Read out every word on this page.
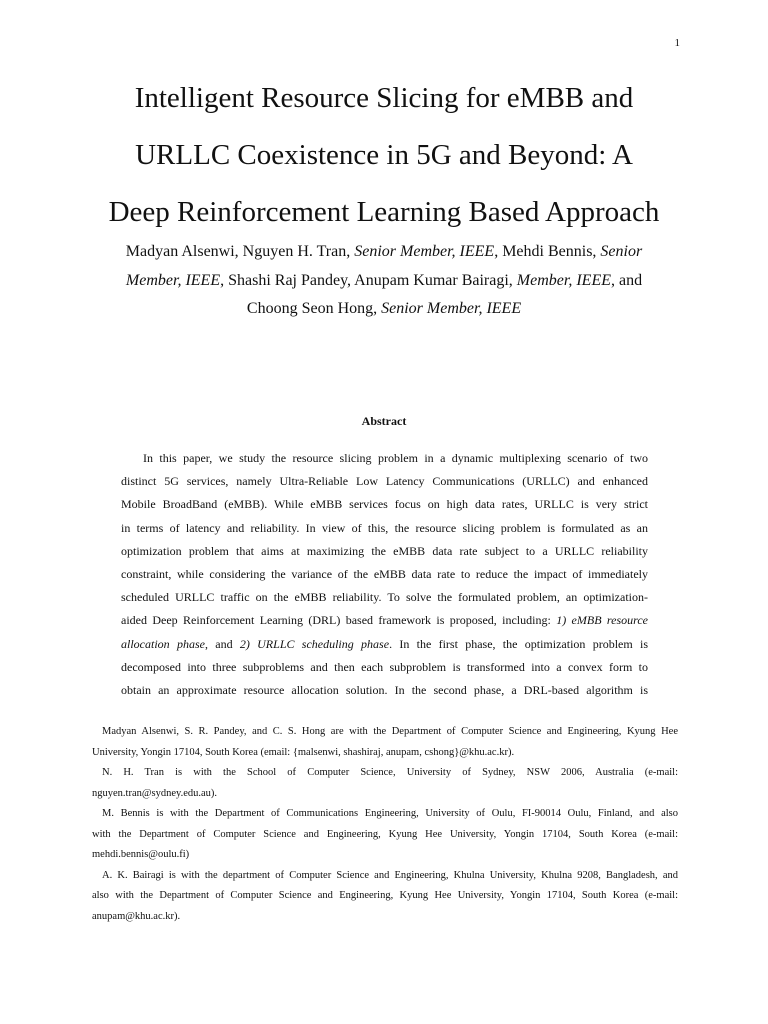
1
Intelligent Resource Slicing for eMBB and
URLLC Coexistence in 5G and Beyond: A
Deep Reinforcement Learning Based Approach

Madyan Alsenwi, Nguyen H. Tran, Senior Member, IEEE, Mehdi Bennis, Senior
Member, IEEE, Shashi Raj Pandey, Anupam Kumar Bairagi, Member, IEEE, and
Choong Seon Hong, Senior Member, IEEE

Abstract

In this paper, we study the resource slicing problem in a dynamic multiplexing scenario of two
distinct 5G services, namely Ultra-Reliable Low Latency Communications (URLLC) and enhanced
Mobile BroadBand (eMBB). While eMBB services focus on high data rates, URLLC is very strict
in terms of latency and reliability. In view of this, the resource slicing problem is formulated as an
optimization problem that aims at maximizing the eMBB data rate subject to a URLLC reliability
constraint, while considering the variance of the eMBB data rate to reduce the impact of immediately
scheduled URLLC traffic on the eMBB reliability. To solve the formulated problem, an optimization-
aided Deep Reinforcement Learning (DRL) based framework is proposed, including: 1) eMBB resource
allocation phase, and 2) URLLC scheduling phase. In the first phase, the optimization problem is
decomposed into three subproblems and then each subproblem is transformed into a convex form to
obtain an approximate resource allocation solution. In the second phase, a DRL-based algorithm is

Madyan Alsenwi, S. R. Pandey, and C. S. Hong are with the Department of Computer Science and Engineering, Kyung Hee
University, Yongin 17104, South Korea (email: {malsenwi, shashiraj, anupam, cshong}@khu.ac.kr).
N. H. Tran is with the School of Computer Science, University of Sydney, NSW 2006, Australia (e-mail:
nguyen.tran@sydney.edu.au).
M. Bennis is with the Department of Communications Engineering, University of Oulu, FI-90014 Oulu, Finland, and also
with the Department of Computer Science and Engineering, Kyung Hee University, Yongin 17104, South Korea (e-mail:
mehdi.bennis@oulu.fi)
A. K. Bairagi is with the department of Computer Science and Engineering, Khulna University, Khulna 9208, Bangladesh, and
also with the Department of Computer Science and Engineering, Kyung Hee University, Yongin 17104, South Korea (e-mail:
anupam@khu.ac.kr).
